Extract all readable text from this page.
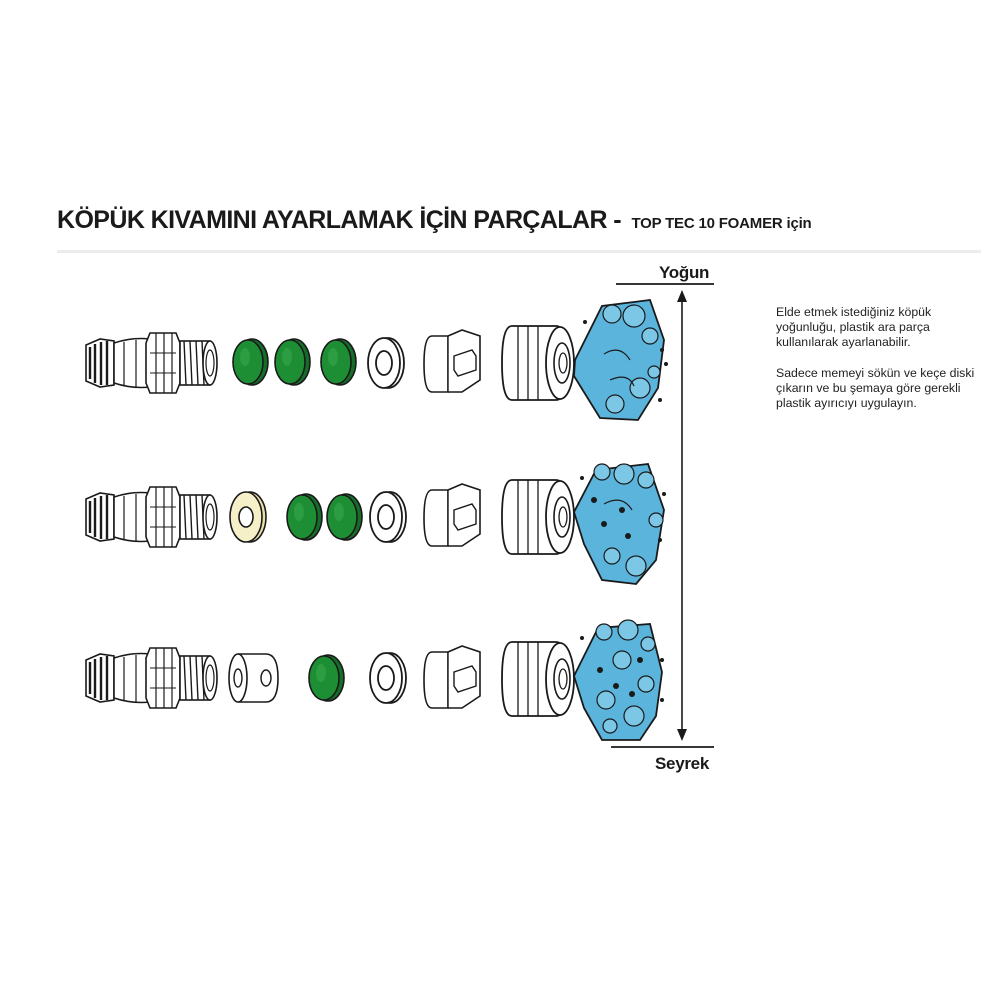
KÖPÜK KIVAMINI AYARLAMAK İÇİN PARÇALAR - TOP TEC 10 FOAMER için
Yoğun
Seyrek

Elde etmek istediğiniz köpük yoğunluğu, plastik ara parça kullanılarak ayarlanabilir.

Sadece memeyi sökün ve keçe diski çıkarın ve bu şemaya göre gerekli plastik ayırıcıyı uygulayın.
